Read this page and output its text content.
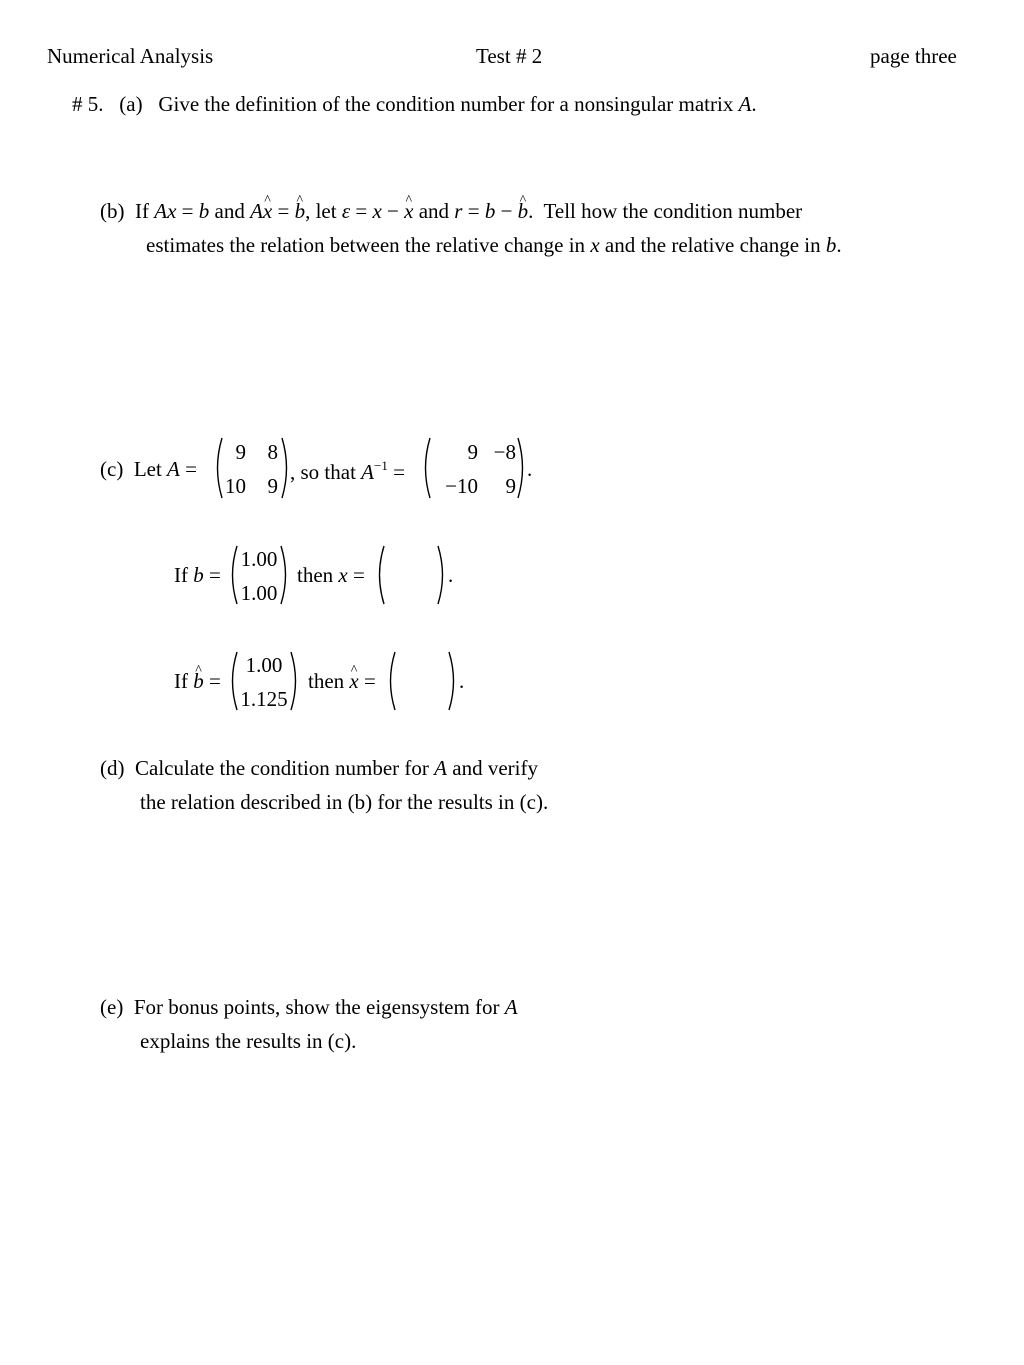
Numerical Analysis	Test # 2	page three
# 5. (a) Give the definition of the condition number for a nonsingular matrix A.
(b)  If Ax = b and Ax ^ = b ^, let ε = x − x ^ and r = b − b ^.  Tell how the condition number
estimates the relation between the relative change in x and the relative change in b.
(c)  Let A =
9	8
10	9
, so that $A^{-1}$ =
9 −8
−10	9
.
If b =
1.00
1.00
then x =	.
If b ^ =
1.00
1.125
then x ^ =	.
(d) Calculate the condition number for A and verify
the relation described in (b) for the results in (c).
(e) For bonus points, show the eigensystem for A
explains the results in (c).
